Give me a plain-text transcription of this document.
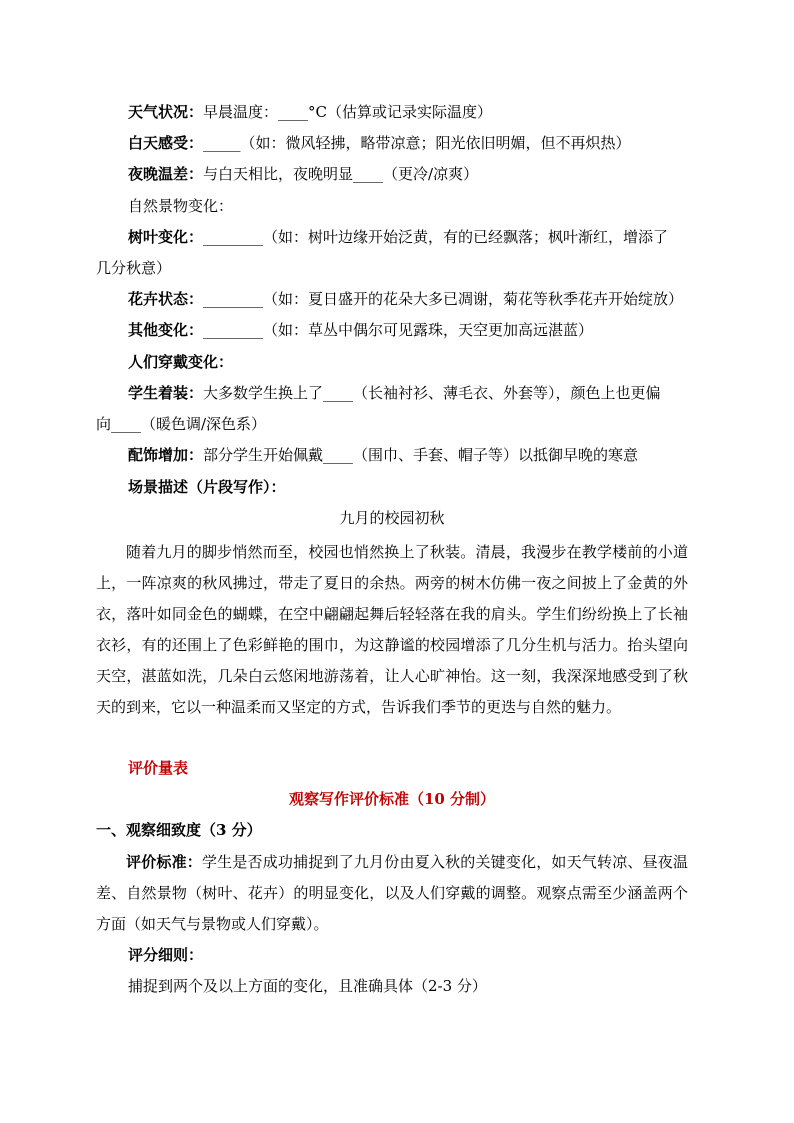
天气状况：早晨温度：____°C（估算或记录实际温度）
白天感受：_____（如：微风轻拂，略带凉意；阳光依旧明媚，但不再炽热）
夜晚温差：与白天相比，夜晚明显____（更冷/凉爽）
自然景物变化：
树叶变化：________（如：树叶边缘开始泛黄，有的已经飘落；枫叶渐红，增添了
几分秋意）
花卉状态：________（如：夏日盛开的花朵大多已凋谢，菊花等秋季花卉开始绽放）
其他变化：________（如：草丛中偶尔可见露珠，天空更加高远湛蓝）
人们穿戴变化：
学生着装：大多数学生换上了____（长袖衬衫、薄毛衣、外套等），颜色上也更偏
向____（暖色调/深色系）
配饰增加：部分学生开始佩戴____（围巾、手套、帽子等）以抵御早晚的寒意
场景描述（片段写作）：
九月的校园初秋
随着九月的脚步悄然而至，校园也悄然换上了秋装。清晨，我漫步在教学楼前的小道上，一阵凉爽的秋风拂过，带走了夏日的余热。两旁的树木仿佛一夜之间披上了金黄的外衣，落叶如同金色的蝴蝶，在空中翩翩起舞后轻轻落在我的肩头。学生们纷纷换上了长袖衣衫，有的还围上了色彩鲜艳的围巾，为这静谧的校园增添了几分生机与活力。抬头望向天空，湛蓝如洗，几朵白云悠闲地游荡着，让人心旷神怡。这一刻，我深深地感受到了秋天的到来，它以一种温柔而又坚定的方式，告诉我们季节的更迭与自然的魅力。
评价量表
观察写作评价标准（10 分制）
一、观察细致度（3 分）
评价标准：学生是否成功捕捉到了九月份由夏入秋的关键变化，如天气转凉、昼夜温差、自然景物（树叶、花卉）的明显变化，以及人们穿戴的调整。观察点需至少涵盖两个方面（如天气与景物或人们穿戴）。
评分细则：
捕捉到两个及以上方面的变化，且准确具体（2-3 分）
